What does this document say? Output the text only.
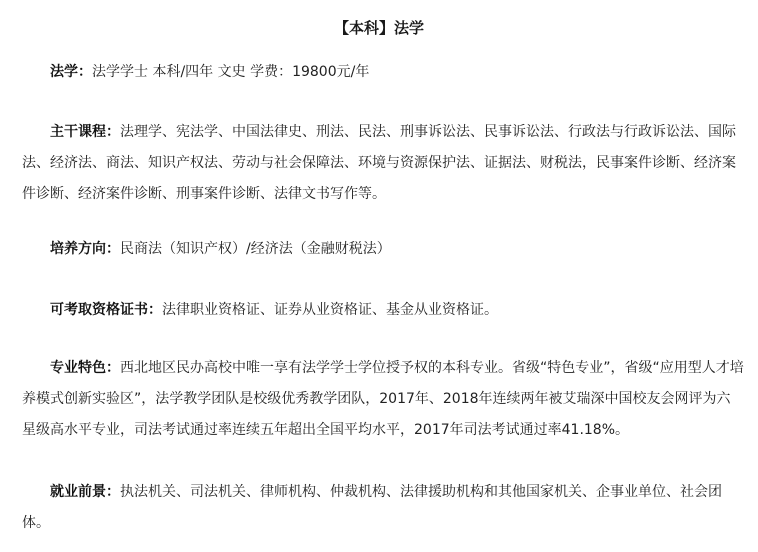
【本科】法学

法学：法学学士 本科/四年 文史 学费：19800元/年

主干课程：法理学、宪法学、中国法律史、刑法、民法、刑事诉讼法、民事诉讼法、行政法与行政诉讼法、国际法、经济法、商法、知识产权法、劳动与社会保障法、环境与资源保护法、证据法、财税法，民事案件诊断、经济案件诊断、经济案件诊断、刑事案件诊断、法律文书写作等。

培养方向：民商法（知识产权）/经济法（金融财税法）

可考取资格证书：法律职业资格证、证券从业资格证、基金从业资格证。

专业特色：西北地区民办高校中唯一享有法学学士学位授予权的本科专业。省级“特色专业”，省级“应用型人才培养模式创新实验区”，法学教学团队是校级优秀教学团队，2017年、2018年连续两年被艾瑞深中国校友会网评为六星级高水平专业，司法考试通过率连续五年超出全国平均水平，2017年司法考试通过率41.18%。

就业前景：执法机关、司法机关、律师机构、仲裁机构、法律援助机构和其他国家机关、企事业单位、社会团体。
